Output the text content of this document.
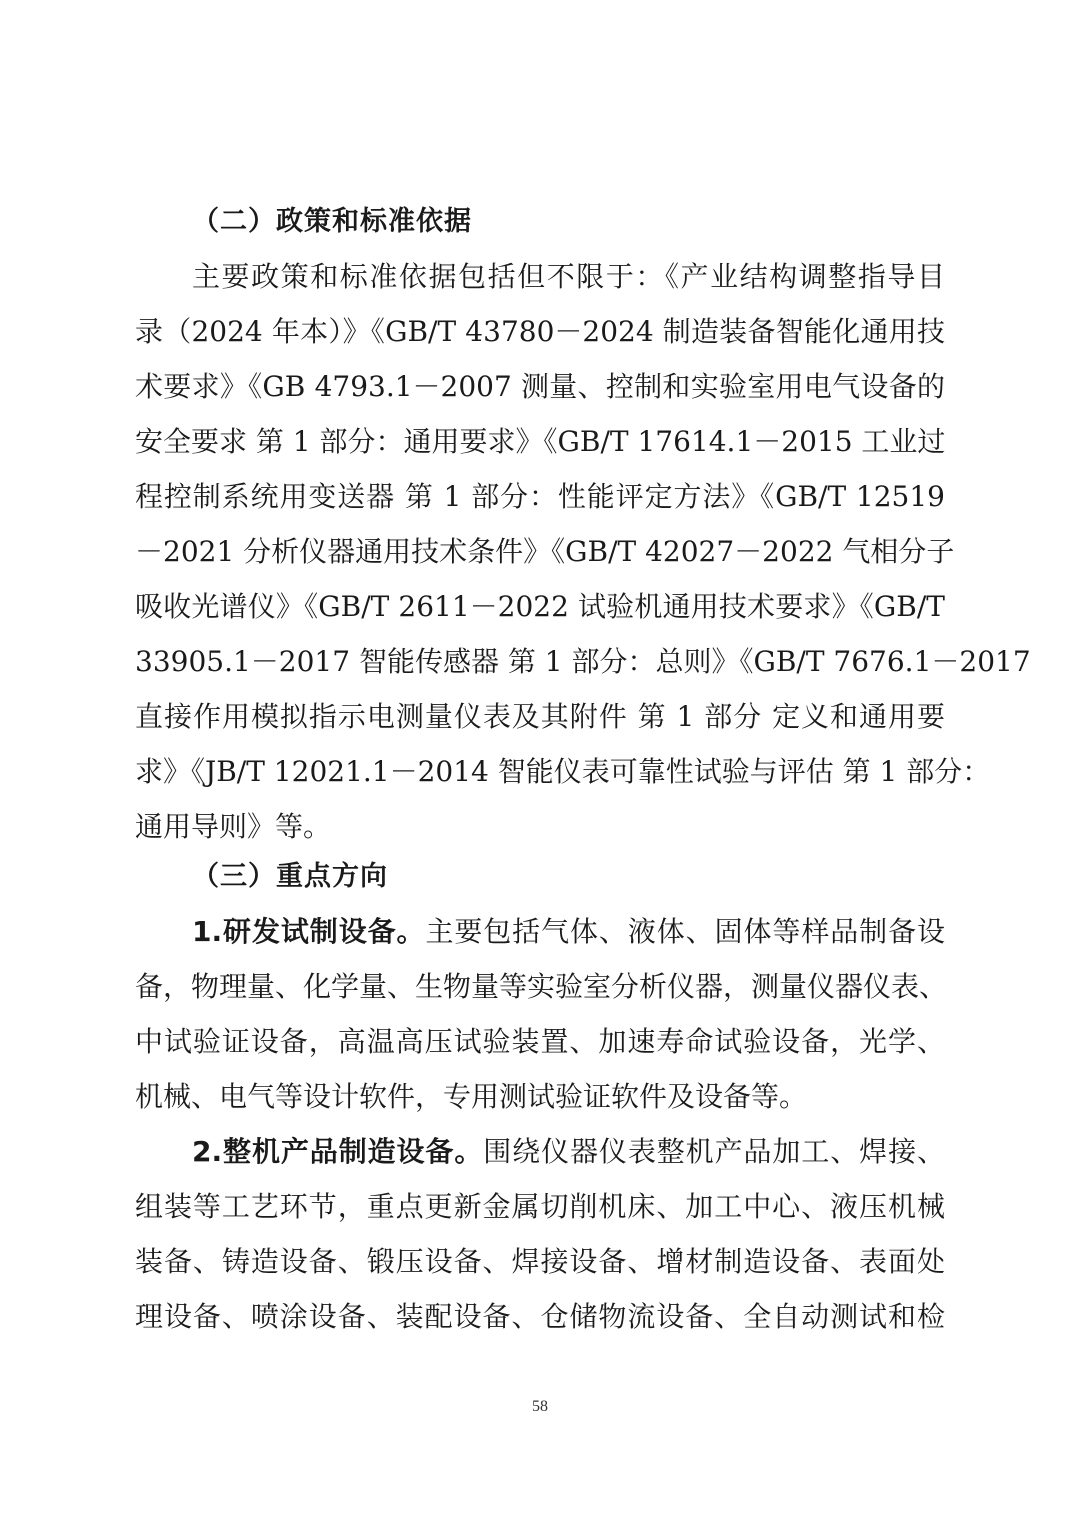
（二）政策和标准依据
主要政策和标准依据包括但不限于：《产业结构调整指导目
录（2024 年本）》《GB/T 43780－2024 制造装备智能化通用技
术要求》《GB 4793.1－2007 测量、控制和实验室用电气设备的
安全要求 第 1 部分：通用要求》《GB/T 17614.1－2015 工业过
程控制系统用变送器 第 1 部分：性能评定方法》《GB/T 12519
－2021 分析仪器通用技术条件》《GB/T 42027－2022 气相分子
吸收光谱仪》《GB/T 2611－2022 试验机通用技术要求》《GB/T
33905.1－2017 智能传感器 第 1 部分：总则》《GB/T 7676.1－2017
直接作用模拟指示电测量仪表及其附件 第 1 部分 定义和通用要
求》《JB/T 12021.1－2014 智能仪表可靠性试验与评估 第 1 部分：
通用导则》等。
（三）重点方向
1.研发试制设备。主要包括气体、液体、固体等样品制备设
备，物理量、化学量、生物量等实验室分析仪器，测量仪器仪表、
中试验证设备，高温高压试验装置、加速寿命试验设备，光学、
机械、电气等设计软件，专用测试验证软件及设备等。
2.整机产品制造设备。围绕仪器仪表整机产品加工、焊接、
组装等工艺环节，重点更新金属切削机床、加工中心、液压机械
装备、铸造设备、锻压设备、焊接设备、增材制造设备、表面处
理设备、喷涂设备、装配设备、仓储物流设备、全自动测试和检
58
